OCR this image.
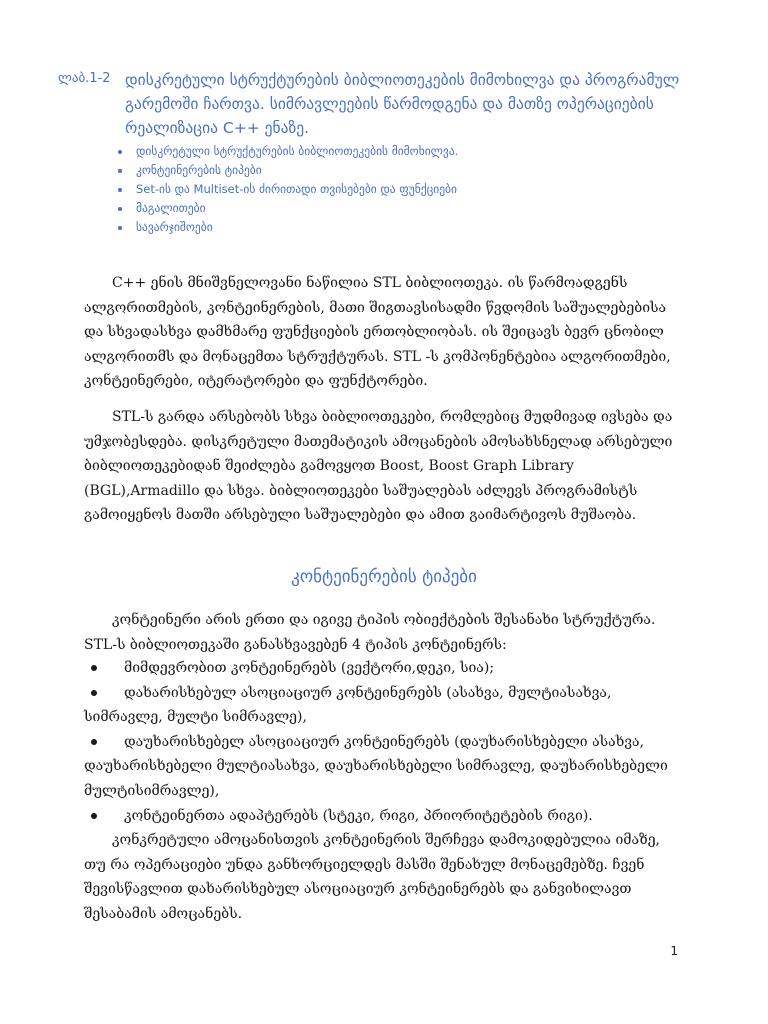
ლაბ.1-2 დისკრეტული სტრუქტურების ბიბლიოთეკების მიმოხილვა და პროგრამულ გარემოში ჩართვა. სიმრავლეების წარმოდგენა და მათზე ოპერაციების რეალიზაცია C++ ენაზე.
დისკრეტული სტრუქტურების ბიბლიოთეკების მიმოხილვა.
კონტეინერების ტიპები
Set-ის და Multiset-ის ძირითადი თვისებები და ფუნქციები
მაგალითები
სავარჯიშოები

C++ ენის მნიშვნელოვანი ნაწილია STL ბიბლიოთეკა. ის წარმოადგენს ალგორითმების, კონტეინერების, მათი შიგთავსისადმი წვდომის საშუალებებისა და სხვადასხვა დამხმარე ფუნქციების ერთობლიობას. ის შეიცავს ბევრ ცნობილ ალგორითმს და მონაცემთა სტრუქტურას. STL -ს კომპონენტებია ალგორითმები, კონტეინერები, იტერატორები და ფუნქტორები.

STL-ს გარდა არსებობს სხვა ბიბლიოთეკები, რომლებიც მუდმივად ივსება და უმჯობესდება. დისკრეტული მათემატიკის ამოცანების ამოსახსნელად არსებული ბიბლიოთეკებიდან შეიძლება გამოვყოთ Boost, Boost Graph Library (BGL),Armadillo და სხვა. ბიბლიოთეკები საშუალებას აძლევს პროგრამისტს გამოიყენოს მათში არსებული საშუალებები და ამით გაიმარტივოს მუშაობა.

კონტეინერების ტიპები

კონტეინერი არის ერთი და იგივე ტიპის ობიექტების შესანახი სტრუქტურა. STL-ს ბიბლიოთეკაში განასხვავებენ 4 ტიპის კონტეინერს:

მიმდევრობით კონტეინერებს (ვექტორი,დეკი, სია);
დახარისხებულ ასოციაციურ კონტეინერებს (ასახვა, მულტიასახვა, სიმრავლე, მულტი სიმრავლე),
დაუხარისხებელ ასოციაციურ კონტეინერებს (დაუხარისხებელი ასახვა, დაუხარისხებელი მულტიასახვა, დაუხარისხებელი სიმრავლე, დაუხარისხებელი მულტისიმრავლე),
კონტეინერთა ადაპტერებს (სტეკი, რიგი, პრიორიტეტების რიგი).

კონკრეტული ამოცანისთვის კონტეინერის შერჩევა დამოკიდებულია იმაზე, თუ რა ოპერაციები უნდა განხორციელდეს მასში შენახულ მონაცემებზე. ჩვენ შევისწავლით დახარისხებულ ასოციაციურ კონტეინერებს და განვიხილავთ შესაბამის ამოცანებს.

1
